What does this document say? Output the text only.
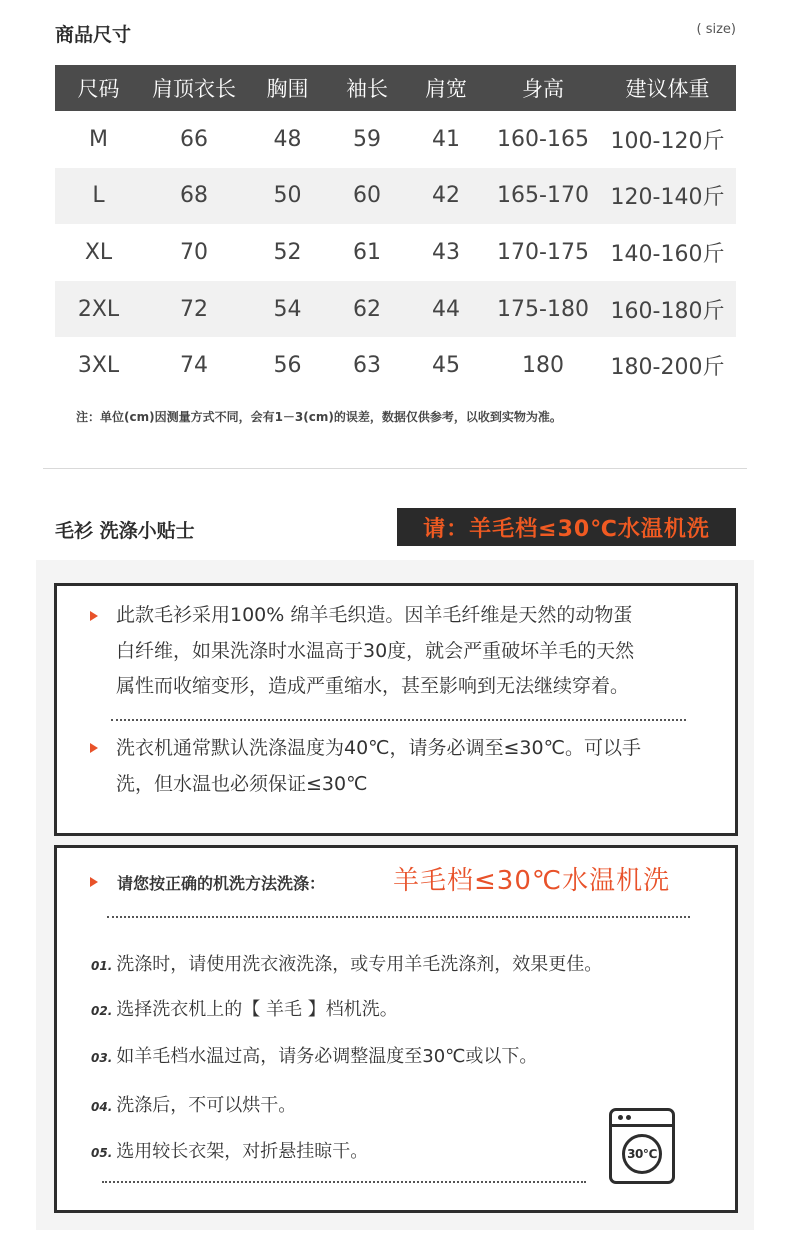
商品尺寸	( size)
尺码	肩顶衣长	胸围	袖长	肩宽	身高	建议体重
M	66	48	59	41	160-165	100-120斤
L	68	50	60	42	165-170	120-140斤
XL	70	52	61	43	170-175	140-160斤
2XL	72	54	62	44	175-180	160-180斤
3XL	74	56	63	45	180	180-200斤
注：单位(cm)因测量方式不同，会有1－3(cm)的误差，数据仅供参考，以收到实物为准。
毛衫 洗涤小贴士	请：羊毛档≤30℃水温机洗
此款毛衫采用100% 绵羊毛织造。因羊毛纤维是天然的动物蛋
白纤维，如果洗涤时水温高于30度，就会严重破坏羊毛的天然
属性而收缩变形，造成严重缩水，甚至影响到无法继续穿着。
洗衣机通常默认洗涤温度为40℃，请务必调至≤30℃。可以手
洗，但水温也必须保证≤30℃
请您按正确的机洗方法洗涤：	羊毛档≤30℃水温机洗
01. 洗涤时，请使用洗衣液洗涤，或专用羊毛洗涤剂，效果更佳。
02. 选择洗衣机上的【 羊毛 】档机洗。
03. 如羊毛档水温过高，请务必调整温度至30℃或以下。
04. 洗涤后，不可以烘干。
05. 选用较长衣架，对折悬挂晾干。	30℃
